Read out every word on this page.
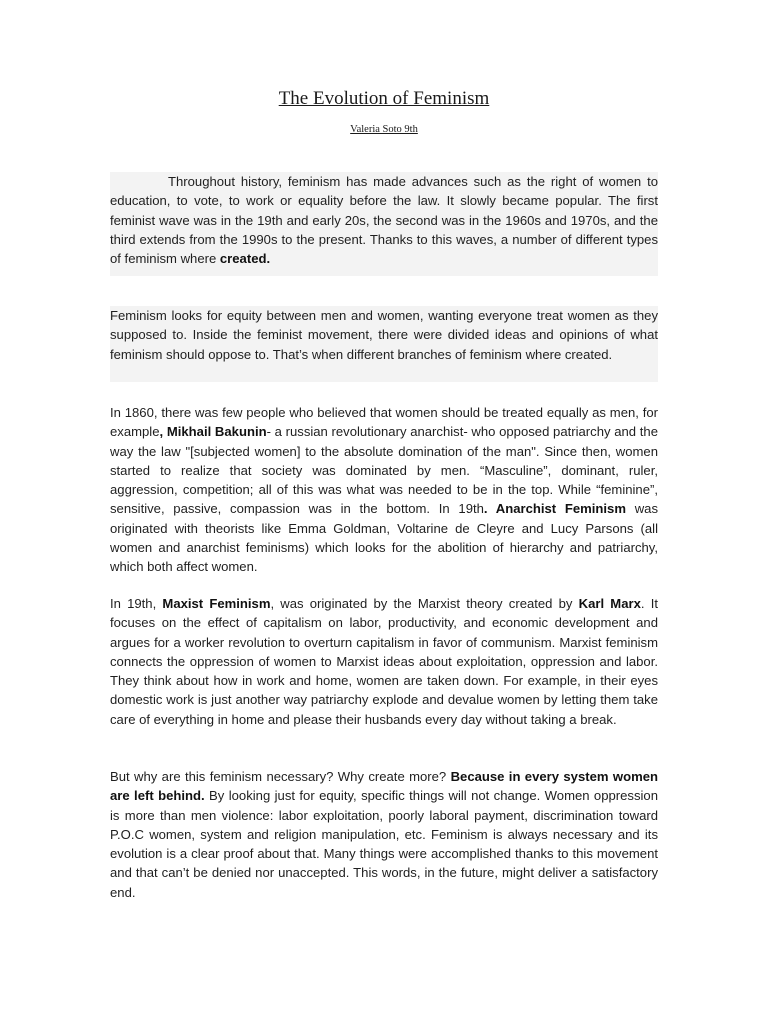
The Evolution of Feminism
Valeria Soto 9th

Throughout history, feminism has made advances such as the right of women to education, to vote, to work or equality before the law. It slowly became popular. The first feminist wave was in the 19th and early 20s, the second was in the 1960s and 1970s, and the third extends from the 1990s to the present. Thanks to this waves, a number of different types of feminism where created.

Feminism looks for equity between men and women, wanting everyone treat women as they supposed to. Inside the feminist movement, there were divided ideas and opinions of what feminism should oppose to. That’s when different branches of feminism where created.

In 1860, there was few people who believed that women should be treated equally as men, for example, Mikhail Bakunin- a russian revolutionary anarchist- who opposed patriarchy and the way the law "[subjected women] to the absolute domination of the man". Since then, women started to realize that society was dominated by men. “Masculine”, dominant, ruler, aggression, competition; all of this was what was needed to be in the top. While “feminine”, sensitive, passive, compassion was in the bottom. In 19th. Anarchist Feminism was originated with theorists like Emma Goldman, Voltarine de Cleyre and Lucy Parsons (all women and anarchist feminisms) which looks for the abolition of hierarchy and patriarchy, which both affect women.

In 19th, Maxist Feminism, was originated by the Marxist theory created by Karl Marx. It focuses on the effect of capitalism on labor, productivity, and economic development and argues for a worker revolution to overturn capitalism in favor of communism. Marxist feminism connects the oppression of women to Marxist ideas about exploitation, oppression and labor. They think about how in work and home, women are taken down. For example, in their eyes domestic work is just another way patriarchy explode and devalue women by letting them take care of everything in home and please their husbands every day without taking a break.

But why are this feminism necessary? Why create more? Because in every system women are left behind. By looking just for equity, specific things will not change. Women oppression is more than men violence: labor exploitation, poorly laboral payment, discrimination toward P.O.C women, system and religion manipulation, etc. Feminism is always necessary and its evolution is a clear proof about that. Many things were accomplished thanks to this movement and that can’t be denied nor unaccepted. This words, in the future, might deliver a satisfactory end.
